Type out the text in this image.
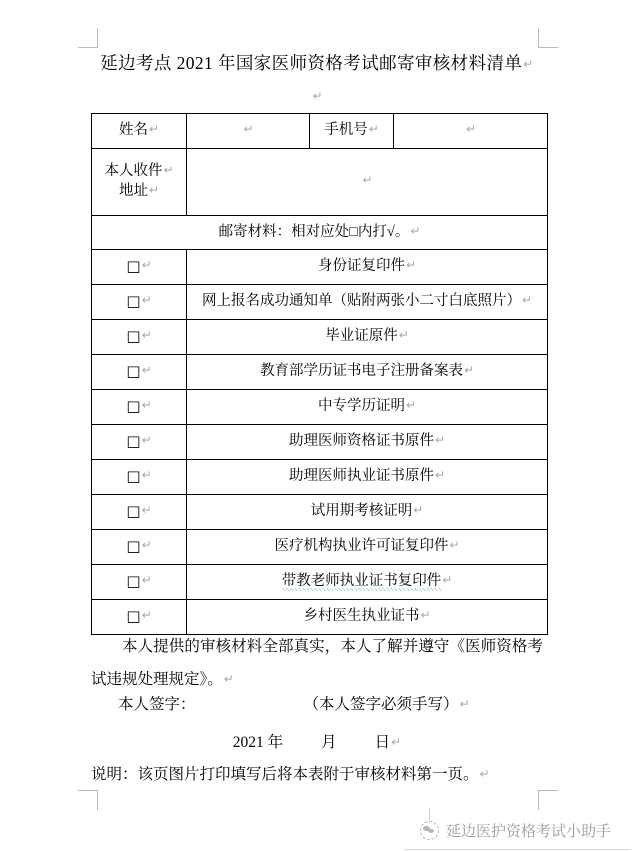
延边考点 2021 年国家医师资格考试邮寄审核材料清单↵
↵
姓名↵	↵	手机号↵	↵

本人收件↵
地址↵	↵		
邮寄材料：相对应处□内打√。↵			
□↵	身份证复印件↵		
□↵	网上报名成功通知单（贴附两张小二寸白底照片）↵		
□↵	毕业证原件↵		
□↵	教育部学历证书电子注册备案表↵		
□↵	中专学历证明↵		
□↵	助理医师资格证书原件↵		
□↵	助理医师执业证书原件↵		
□↵	试用期考核证明↵		
□↵	医疗机构执业许可证复印件↵		
□↵	带教老师执业证书复印件↵		
□↵	乡村医生执业证书↵		
本人提供的审核材料全部真实，本人了解并遵守《医师资格考试违规处理规定》。↵
本人签字：	（本人签字必须手写）↵
2021 年 月 日↵
说明：该页图片打印填写后将本表附于审核材料第一页。↵
延边医护资格考试小助手
